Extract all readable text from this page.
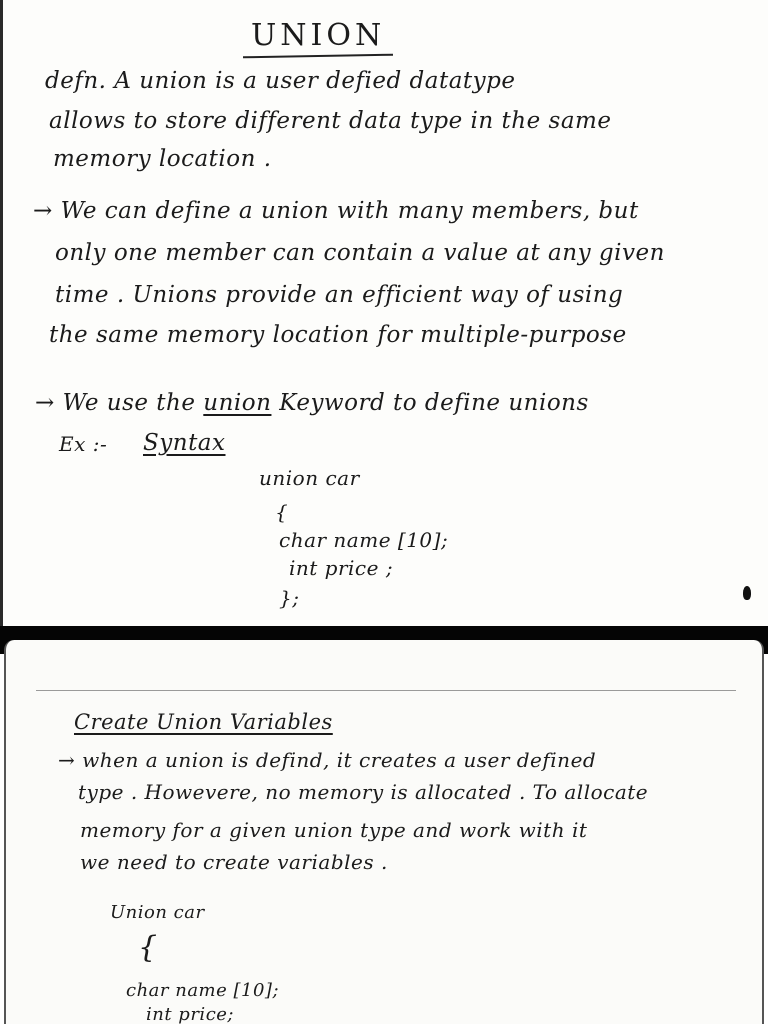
UNION
defn. A union is a user defied datatype
allows to store different data type in the same
memory location .
→ We can define a union with many members, but
only one member can contain a value at any given
time . Unions provide an efficient way of using
the same memory location for multiple-purpose
→ We use the union Keyword to define unions
Ex :- Syntax
union car
{
char name [10];
int price ;
};
Create Union Variables
→ when a union is defind, it creates a user defined
type . Howevere, no memory is allocated . To allocate
memory for a given union type and work with it
we need to create variables .
Union car
{
char name [10];
int price;
